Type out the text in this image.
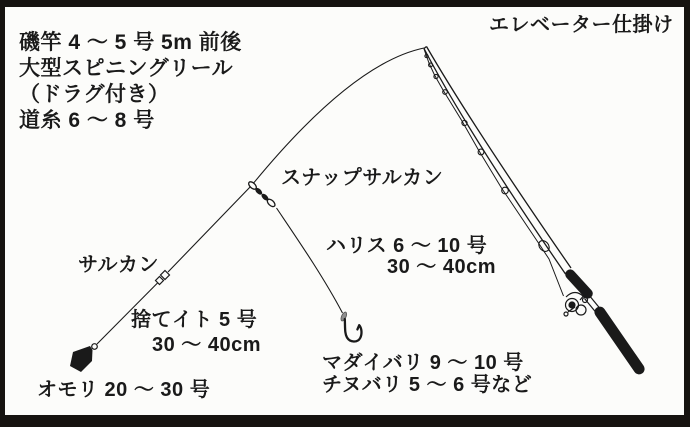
磯竿 4 ～ 5 号 5m 前後
大型スピニングリール
（ドラグ付き）
道糸 6 ～ 8 号
エレベーター仕掛け
スナップサルカン
ハリス 6 ～ 10 号
30 ～ 40cm
サルカン
捨てイト 5 号
30 ～ 40cm
マダイバリ 9 ～ 10 号
チヌバリ 5 ～ 6 号など
オモリ 20 ～ 30 号
